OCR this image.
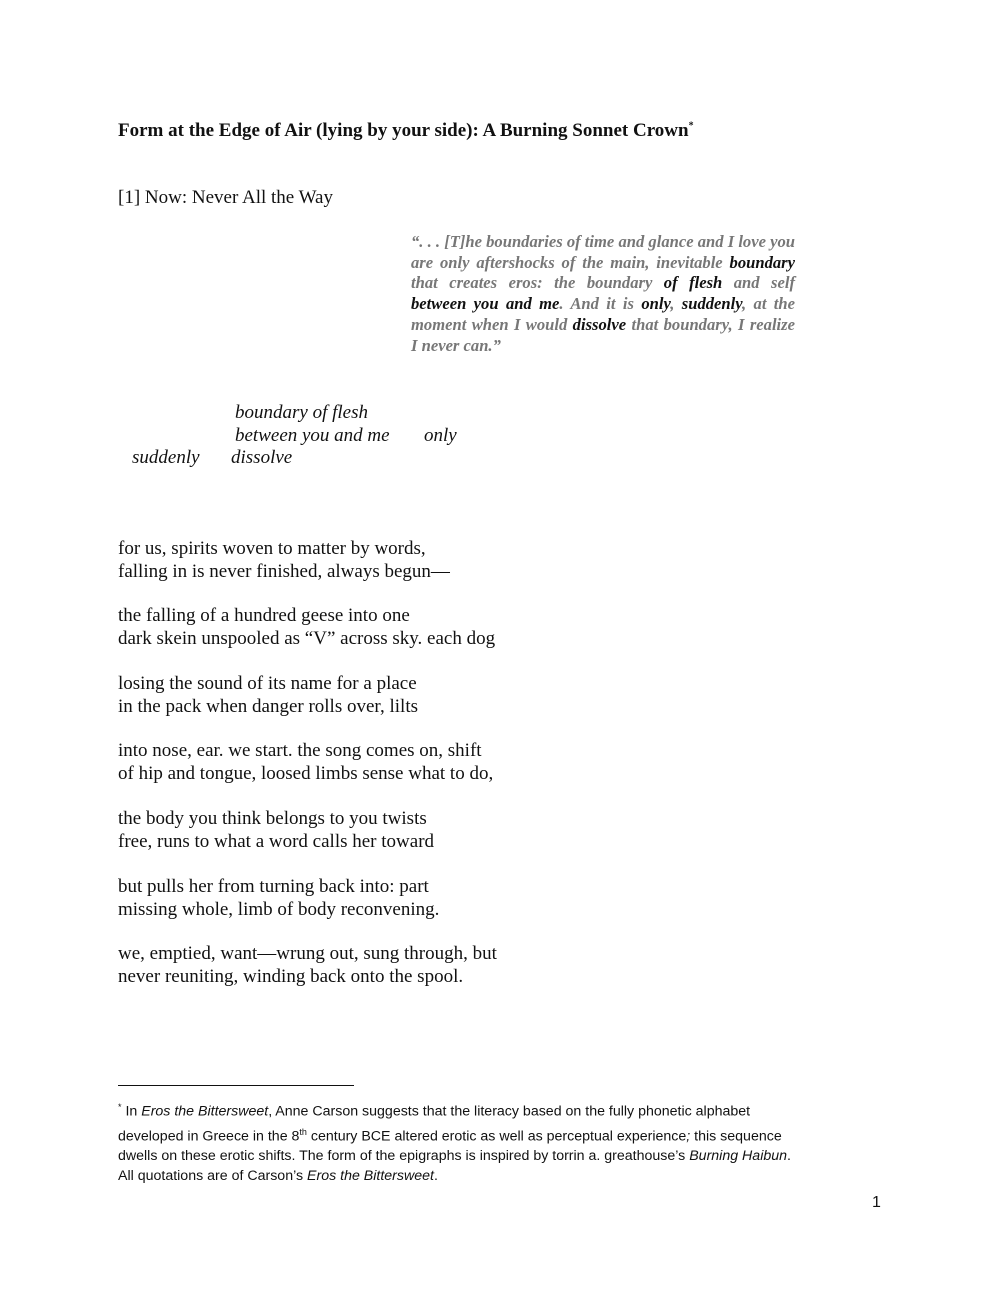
Form at the Edge of Air (lying by your side): A Burning Sonnet Crown*
[1] Now: Never All the Way
“. . . [T]he boundaries of time and glance and I love you are only aftershocks of the main, inevitable boundary that creates eros: the boundary of flesh and self between you and me. And it is only, suddenly, at the moment when I would dissolve that boundary, I realize I never can.”
boundary of flesh
between you and me only
suddenly dissolve
for us, spirits woven to matter by words,
falling in is never finished, always begun—
the falling of a hundred geese into one
dark skein unspooled as “V” across sky. each dog
losing the sound of its name for a place
in the pack when danger rolls over, lilts
into nose, ear. we start. the song comes on, shift
of hip and tongue, loosed limbs sense what to do,
the body you think belongs to you twists
free, runs to what a word calls her toward
but pulls her from turning back into: part
missing whole, limb of body reconvening.
we, emptied, want—wrung out, sung through, but
never reuniting, winding back onto the spool.
* In Eros the Bittersweet, Anne Carson suggests that the literacy based on the fully phonetic alphabet developed in Greece in the 8th century BCE altered erotic as well as perceptual experience; this sequence dwells on these erotic shifts. The form of the epigraphs is inspired by torrin a. greathouse’s Burning Haibun. All quotations are of Carson’s Eros the Bittersweet.
1
